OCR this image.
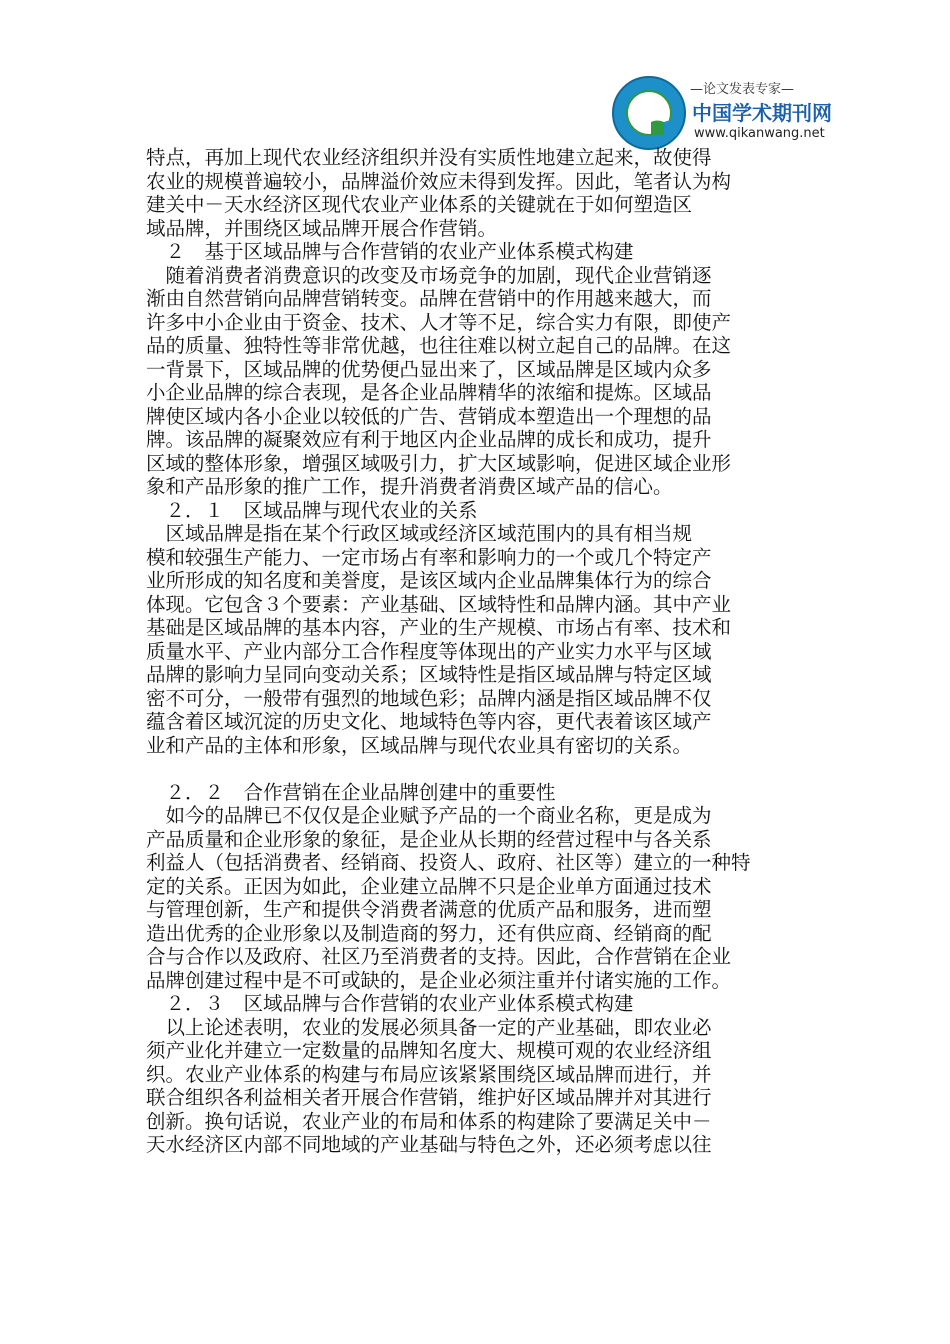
—论文发表专家—
中国学术期刊网
www.qikanwang.net
特点，再加上现代农业经济组织并没有实质性地建立起来，故使得
农业的规模普遍较小，品牌溢价效应未得到发挥。因此，笔者认为构
建关中－天水经济区现代农业产业体系的关键就在于如何塑造区
域品牌，并围绕区域品牌开展合作营销。
　２　基于区域品牌与合作营销的农业产业体系模式构建
　随着消费者消费意识的改变及市场竞争的加剧，现代企业营销逐
渐由自然营销向品牌营销转变。品牌在营销中的作用越来越大，而
许多中小企业由于资金、技术、人才等不足，综合实力有限，即使产
品的质量、独特性等非常优越，也往往难以树立起自己的品牌。在这
一背景下，区域品牌的优势便凸显出来了，区域品牌是区域内众多
小企业品牌的综合表现，是各企业品牌精华的浓缩和提炼。区域品
牌使区域内各小企业以较低的广告、营销成本塑造出一个理想的品
牌。该品牌的凝聚效应有利于地区内企业品牌的成长和成功，提升
区域的整体形象，增强区域吸引力，扩大区域影响，促进区域企业形
象和产品形象的推广工作，提升消费者消费区域产品的信心。
　２．１　区域品牌与现代农业的关系
　区域品牌是指在某个行政区域或经济区域范围内的具有相当规
模和较强生产能力、一定市场占有率和影响力的一个或几个特定产
业所形成的知名度和美誉度，是该区域内企业品牌集体行为的综合
体现。它包含３个要素：产业基础、区域特性和品牌内涵。其中产业
基础是区域品牌的基本内容，产业的生产规模、市场占有率、技术和
质量水平、产业内部分工合作程度等体现出的产业实力水平与区域
品牌的影响力呈同向变动关系；区域特性是指区域品牌与特定区域
密不可分，一般带有强烈的地域色彩；品牌内涵是指区域品牌不仅
蕴含着区域沉淀的历史文化、地域特色等内容，更代表着该区域产
业和产品的主体和形象，区域品牌与现代农业具有密切的关系。
　２．２　合作营销在企业品牌创建中的重要性
　如今的品牌已不仅仅是企业赋予产品的一个商业名称，更是成为
产品质量和企业形象的象征，是企业从长期的经营过程中与各关系
利益人（包括消费者、经销商、投资人、政府、社区等）建立的一种特
定的关系。正因为如此，企业建立品牌不只是企业单方面通过技术
与管理创新，生产和提供令消费者满意的优质产品和服务，进而塑
造出优秀的企业形象以及制造商的努力，还有供应商、经销商的配
合与合作以及政府、社区乃至消费者的支持。因此，合作营销在企业
品牌创建过程中是不可或缺的，是企业必须注重并付诸实施的工作。
　２．３　区域品牌与合作营销的农业产业体系模式构建
　以上论述表明，农业的发展必须具备一定的产业基础，即农业必
须产业化并建立一定数量的品牌知名度大、规模可观的农业经济组
织。农业产业体系的构建与布局应该紧紧围绕区域品牌而进行，并
联合组织各利益相关者开展合作营销，维护好区域品牌并对其进行
创新。换句话说，农业产业的布局和体系的构建除了要满足关中－
天水经济区内部不同地域的产业基础与特色之外，还必须考虑以往
